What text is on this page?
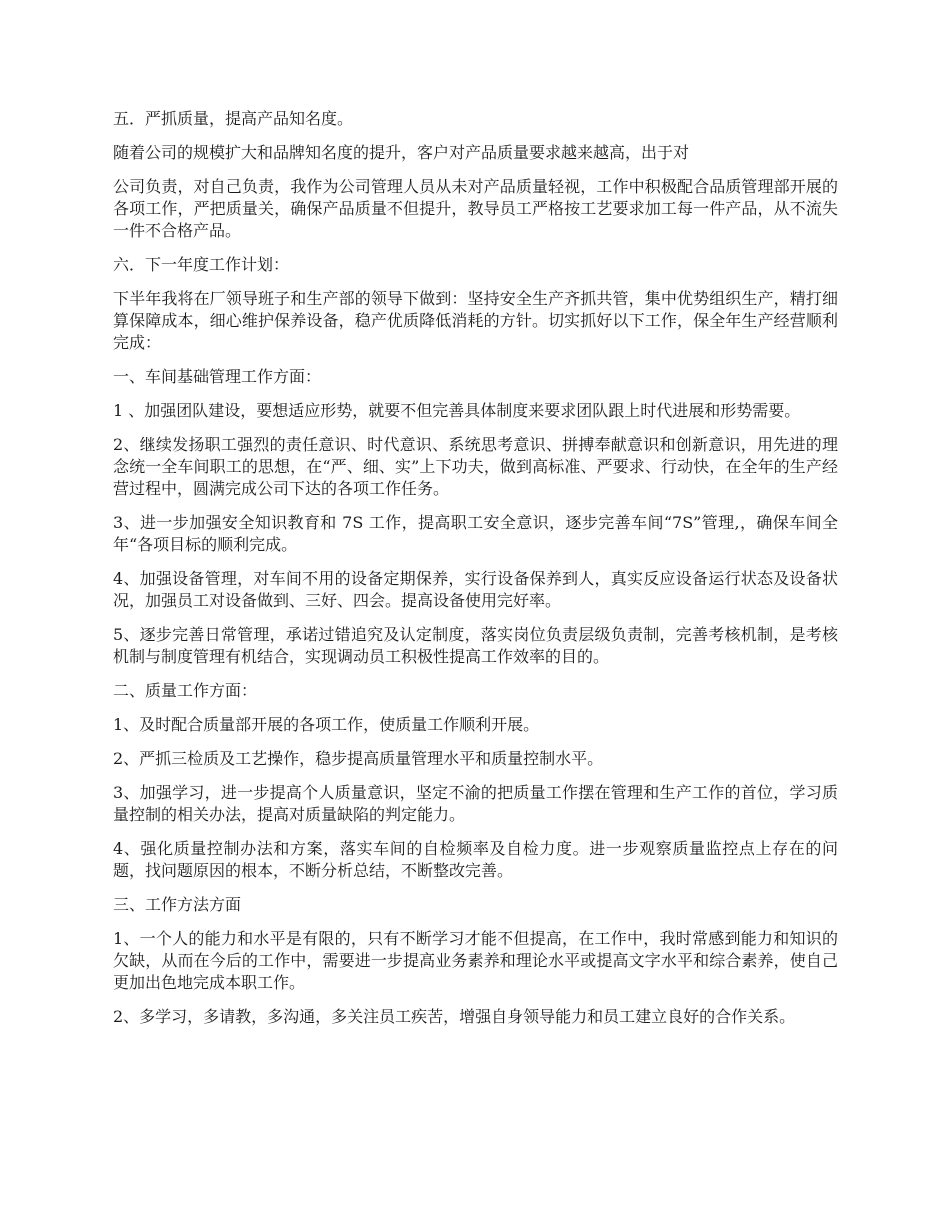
五．严抓质量，提高产品知名度。

随着公司的规模扩大和品牌知名度的提升，客户对产品质量要求越来越高，出于对

公司负责，对自己负责，我作为公司管理人员从未对产品质量轻视，工作中积极配合品质管理部开展的各项工作，严把质量关，确保产品质量不但提升，教导员工严格按工艺要求加工每一件产品，从不流失一件不合格产品。

六．下一年度工作计划：

下半年我将在厂领导班子和生产部的领导下做到：坚持安全生产齐抓共管，集中优势组织生产，精打细算保障成本，细心维护保养设备，稳产优质降低消耗的方针。切实抓好以下工作，保全年生产经营顺利完成：

一、车间基础管理工作方面：

1 、加强团队建设，要想适应形势，就要不但完善具体制度来要求团队跟上时代进展和形势需要。

2、继续发扬职工强烈的责任意识、时代意识、系统思考意识、拼搏奉献意识和创新意识，用先进的理念统一全车间职工的思想，在“严、细、实”上下功夫，做到高标准、严要求、行动快，在全年的生产经营过程中，圆满完成公司下达的各项工作任务。

3、进一步加强安全知识教育和 7S 工作，提高职工安全意识，逐步完善车间“7S”管理,，确保车间全年“各项目标的顺利完成。

4、加强设备管理，对车间不用的设备定期保养，实行设备保养到人，真实反应设备运行状态及设备状况，加强员工对设备做到、三好、四会。提高设备使用完好率。

5、逐步完善日常管理，承诺过错追究及认定制度，落实岗位负责层级负责制，完善考核机制，是考核机制与制度管理有机结合，实现调动员工积极性提高工作效率的目的。

二、质量工作方面：

1、及时配合质量部开展的各项工作，使质量工作顺利开展。

2、严抓三检质及工艺操作，稳步提高质量管理水平和质量控制水平。

3、加强学习，进一步提高个人质量意识，坚定不渝的把质量工作摆在管理和生产工作的首位，学习质量控制的相关办法，提高对质量缺陷的判定能力。

4、强化质量控制办法和方案，落实车间的自检频率及自检力度。进一步观察质量监控点上存在的问题，找问题原因的根本，不断分析总结，不断整改完善。

三、工作方法方面

1、一个人的能力和水平是有限的，只有不断学习才能不但提高，在工作中，我时常感到能力和知识的欠缺，从而在今后的工作中，需要进一步提高业务素养和理论水平或提高文字水平和综合素养，使自己更加出色地完成本职工作。

2、多学习，多请教，多沟通，多关注员工疾苦，增强自身领导能力和员工建立良好的合作关系。
